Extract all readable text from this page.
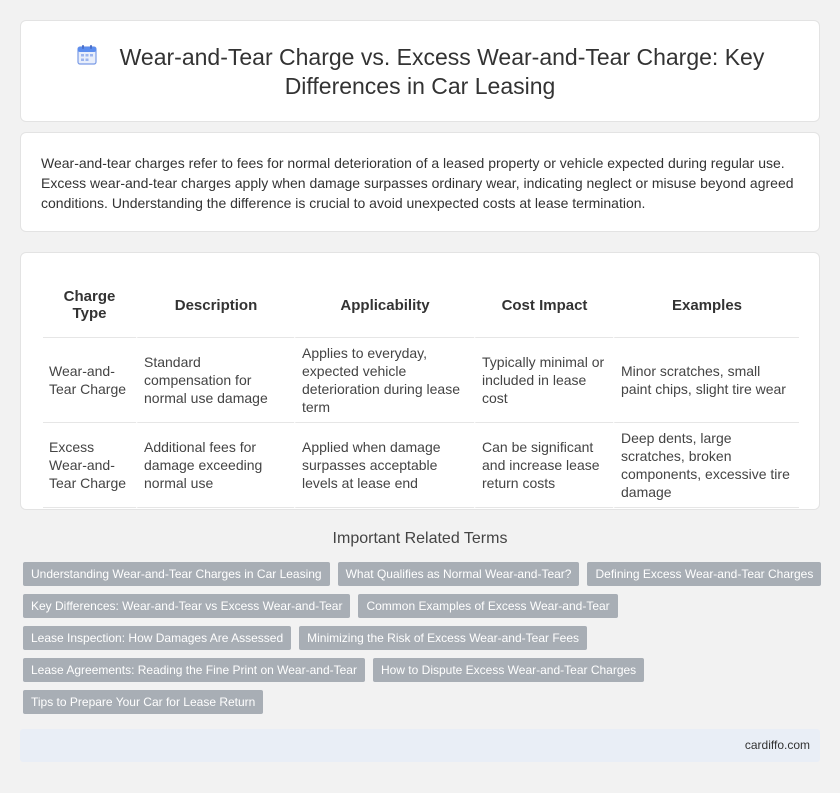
Wear-and-Tear Charge vs. Excess Wear-and-Tear Charge: Key Differences in Car Leasing

Wear-and-tear charges refer to fees for normal deterioration of a leased property or vehicle expected during regular use. Excess wear-and-tear charges apply when damage surpasses ordinary wear, indicating neglect or misuse beyond agreed conditions. Understanding the difference is crucial to avoid unexpected costs at lease termination.

Charge Type	Description	Applicability	Cost Impact	Examples
Wear-and-Tear Charge	Standard compensation for normal use damage	Applies to everyday, expected vehicle deterioration during lease term	Typically minimal or included in lease cost	Minor scratches, small paint chips, slight tire wear
Excess Wear-and-Tear Charge	Additional fees for damage exceeding normal use	Applied when damage surpasses acceptable levels at lease end	Can be significant and increase lease return costs	Deep dents, large scratches, broken components, excessive tire damage
Important Related Terms
Understanding Wear-and-Tear Charges in Car Leasing What Qualifies as Normal Wear-and-Tear? Defining Excess Wear-and-Tear Charges
Key Differences: Wear-and-Tear vs Excess Wear-and-Tear Common Examples of Excess Wear-and-Tear
Lease Inspection: How Damages Are Assessed Minimizing the Risk of Excess Wear-and-Tear Fees
Lease Agreements: Reading the Fine Print on Wear-and-Tear How to Dispute Excess Wear-and-Tear Charges
Tips to Prepare Your Car for Lease Return
cardiffo.com
